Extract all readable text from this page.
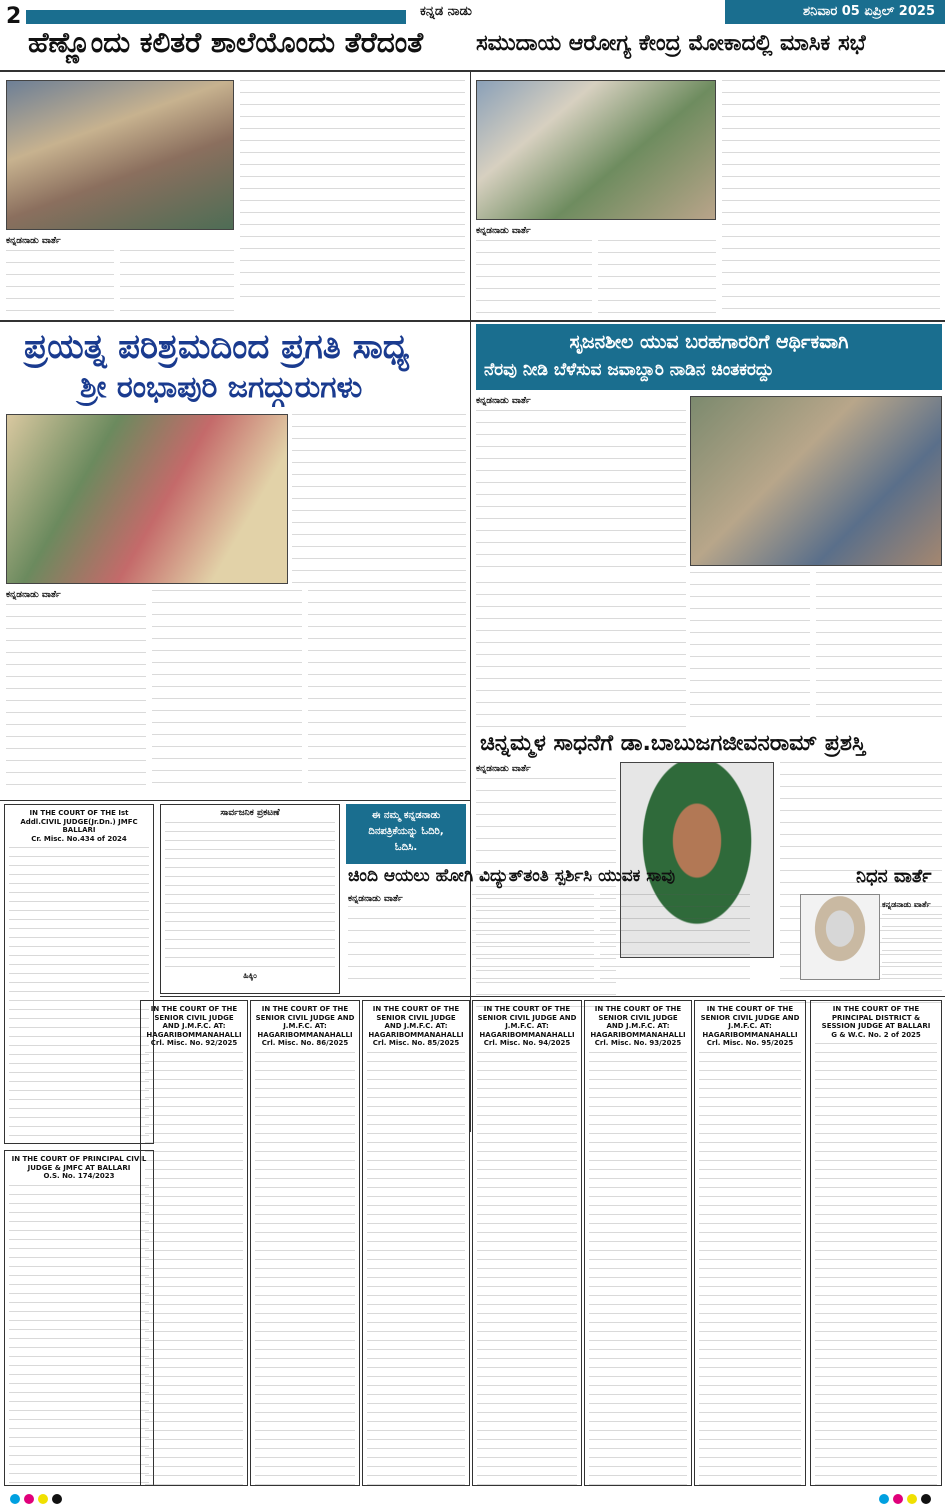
2	ಕನ್ನಡ ನಾಡು	ಶನಿವಾರ 05 ಏಪ್ರಿಲ್ 2025
ಹೆಣ್ಣೊಂದು ಕಲಿತರೆ ಶಾಲೆಯೊಂದು ತೆರೆದಂತೆ	ಸಮುದಾಯ ಆರೋಗ್ಯ ಕೇಂದ್ರ ಮೋಕಾದಲ್ಲಿ ಮಾಸಿಕ ಸಭೆ
ಕನ್ನಡನಾಡು ವಾರ್ತೆ
ಕನ್ನಡನಾಡು ವಾರ್ತೆ
ಪ್ರಯತ್ನ ಪರಿಶ್ರಮದಿಂದ ಪ್ರಗತಿ ಸಾಧ್ಯ
ಶ್ರೀ ರಂಭಾಪುರಿ ಜಗದ್ಗುರುಗಳು
ಕನ್ನಡನಾಡು ವಾರ್ತೆ
ಸೃಜನಶೀಲ ಯುವ ಬರಹಗಾರರಿಗೆ ಆರ್ಥಿಕವಾಗಿ
ನೆರವು ನೀಡಿ ಬೆಳೆಸುವ ಜವಾಬ್ದಾರಿ ನಾಡಿನ ಚಿಂತಕರದ್ದು
ಕನ್ನಡನಾಡು ವಾರ್ತೆ
ಚಿನ್ನಮ್ಮಳ ಸಾಧನೆಗೆ ಡಾ.ಬಾಬುಜಗಜೀವನರಾಮ್ ಪ್ರಶಸ್ತಿ
ಕನ್ನಡನಾಡು ವಾರ್ತೆ
IN THE COURT OF THE Ist Addl.CIVIL JUDGE(Jr.Dn.) JMFC BALLARI
Cr. Misc. No.434 of 2024
ಸಾರ್ವಜನಿಕ ಪ್ರಕಟಣೆ
ಹಿಕ್ಕಿಂ
ಈ ನಮ್ಮ ಕನ್ನಡನಾಡು
ದಿನಪತ್ರಿಕೆಯನ್ನು ಓದಿರಿ,
ಓದಿಸಿ.
ಚಿಂದಿ ಆಯಲು ಹೋಗಿ ವಿದ್ಯುತ್‌ತಂತಿ ಸ್ಪರ್ಶಿಸಿ ಯುವಕ ಸಾವು
ಕನ್ನಡನಾಡು ವಾರ್ತೆ
ನಿಧನ ವಾರ್ತೆ
ಕನ್ನಡನಾಡು ವಾರ್ತೆ
IN THE COURT OF PRINCIPAL CIVIL JUDGE & JMFC AT BALLARI
O.S. No. 174/2023
IN THE COURT OF THE SENIOR CIVIL JUDGE AND J.M.F.C. AT: HAGARIBOMMANAHALLI
Crl. Misc. No. 92/2025
IN THE COURT OF THE SENIOR CIVIL JUDGE AND J.M.F.C. AT: HAGARIBOMMANAHALLI
Crl. Misc. No. 86/2025
IN THE COURT OF THE SENIOR CIVIL JUDGE AND J.M.F.C. AT: HAGARIBOMMANAHALLI
Crl. Misc. No. 85/2025
IN THE COURT OF THE SENIOR CIVIL JUDGE AND J.M.F.C. AT: HAGARIBOMMANAHALLI
Crl. Misc. No. 94/2025
IN THE COURT OF THE SENIOR CIVIL JUDGE AND J.M.F.C. AT: HAGARIBOMMANAHALLI
Crl. Misc. No. 93/2025
IN THE COURT OF THE SENIOR CIVIL JUDGE AND J.M.F.C. AT: HAGARIBOMMANAHALLI
Crl. Misc. No. 95/2025
IN THE COURT OF THE PRINCIPAL DISTRICT & SESSION JUDGE AT BALLARI
G & W.C. No. 2 of 2025
